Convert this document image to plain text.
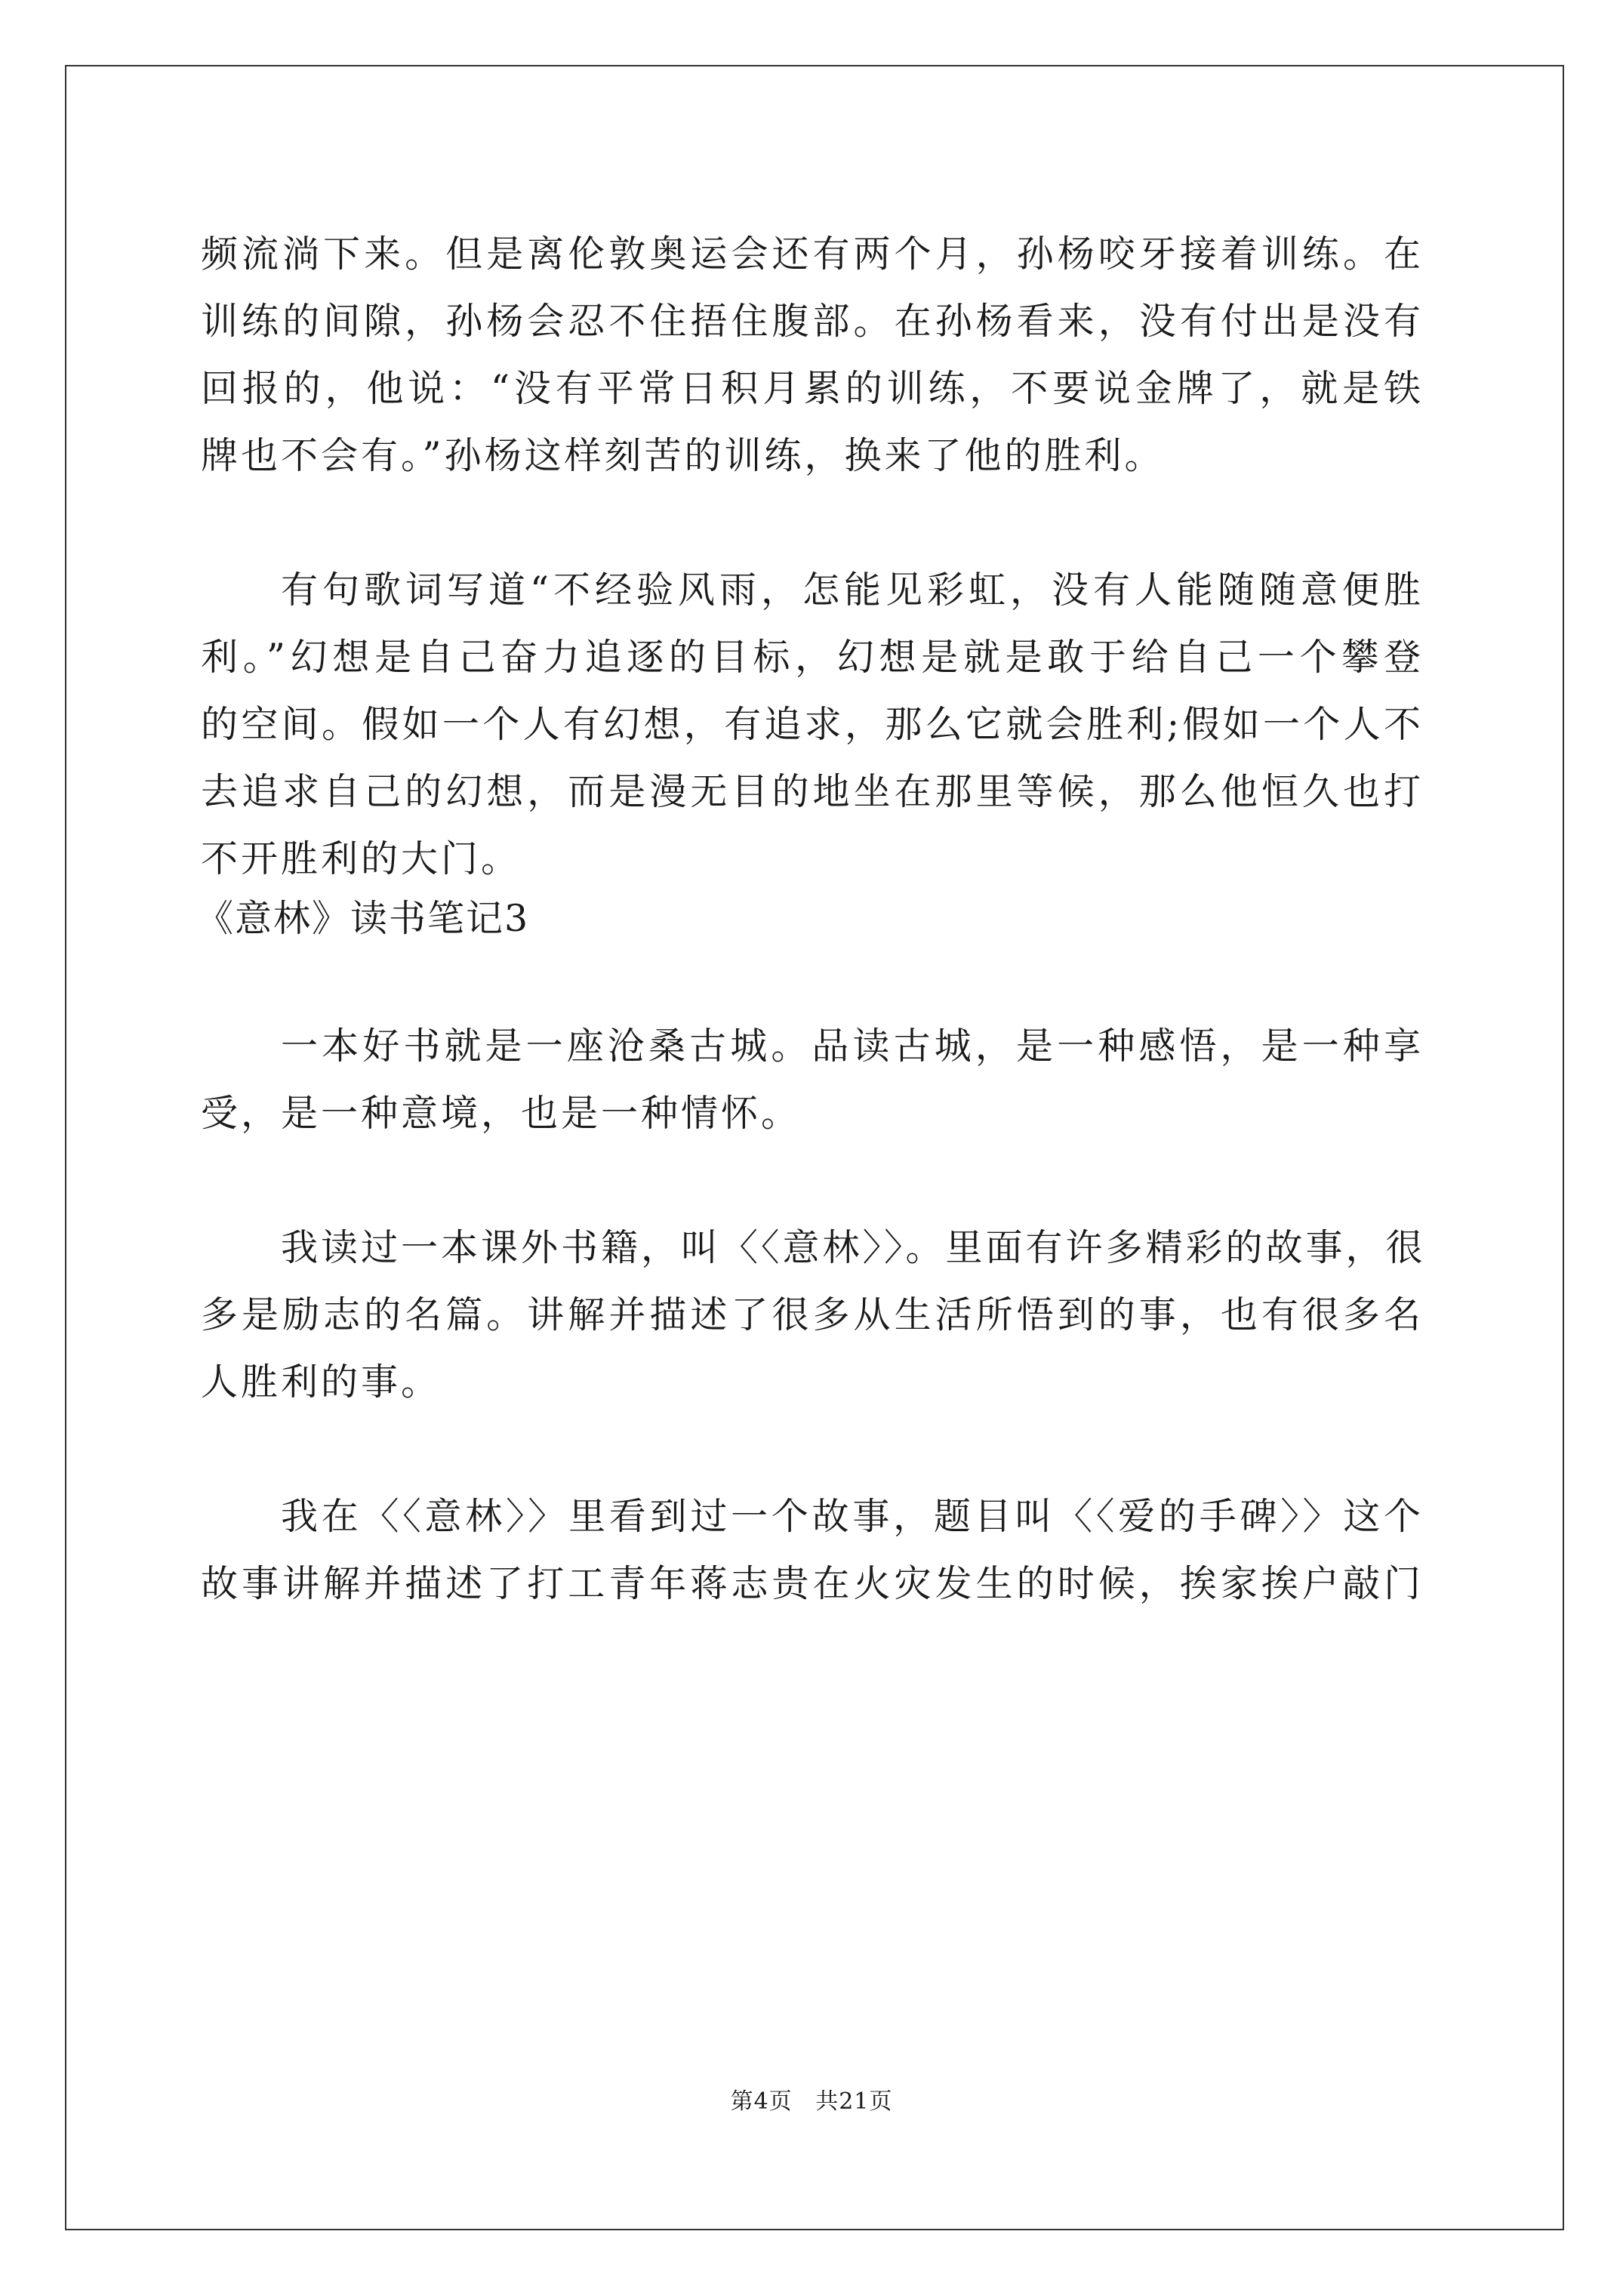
频流淌下来。但是离伦敦奥运会还有两个月，孙杨咬牙接着训练。在
训练的间隙，孙杨会忍不住捂住腹部。在孙杨看来，没有付出是没有
回报的，他说：“没有平常日积月累的训练，不要说金牌了，就是铁
牌也不会有。”孙杨这样刻苦的训练，换来了他的胜利。
有句歌词写道“不经验风雨，怎能见彩虹，没有人能随随意便胜
利。”幻想是自己奋力追逐的目标，幻想是就是敢于给自己一个攀登
的空间。假如一个人有幻想，有追求，那么它就会胜利;假如一个人不
去追求自己的幻想，而是漫无目的地坐在那里等候，那么他恒久也打
不开胜利的大门。
《意林》读书笔记3
一本好书就是一座沧桑古城。品读古城，是一种感悟，是一种享
受，是一种意境，也是一种情怀。
我读过一本课外书籍，叫〈〈意林〉〉。里面有许多精彩的故事，很
多是励志的名篇。讲解并描述了很多从生活所悟到的事，也有很多名
人胜利的事。
我在〈〈意林〉〉里看到过一个故事，题目叫〈〈爱的手碑〉〉这个
故事讲解并描述了打工青年蒋志贵在火灾发生的时候，挨家挨户敲门
第4页 共21页
